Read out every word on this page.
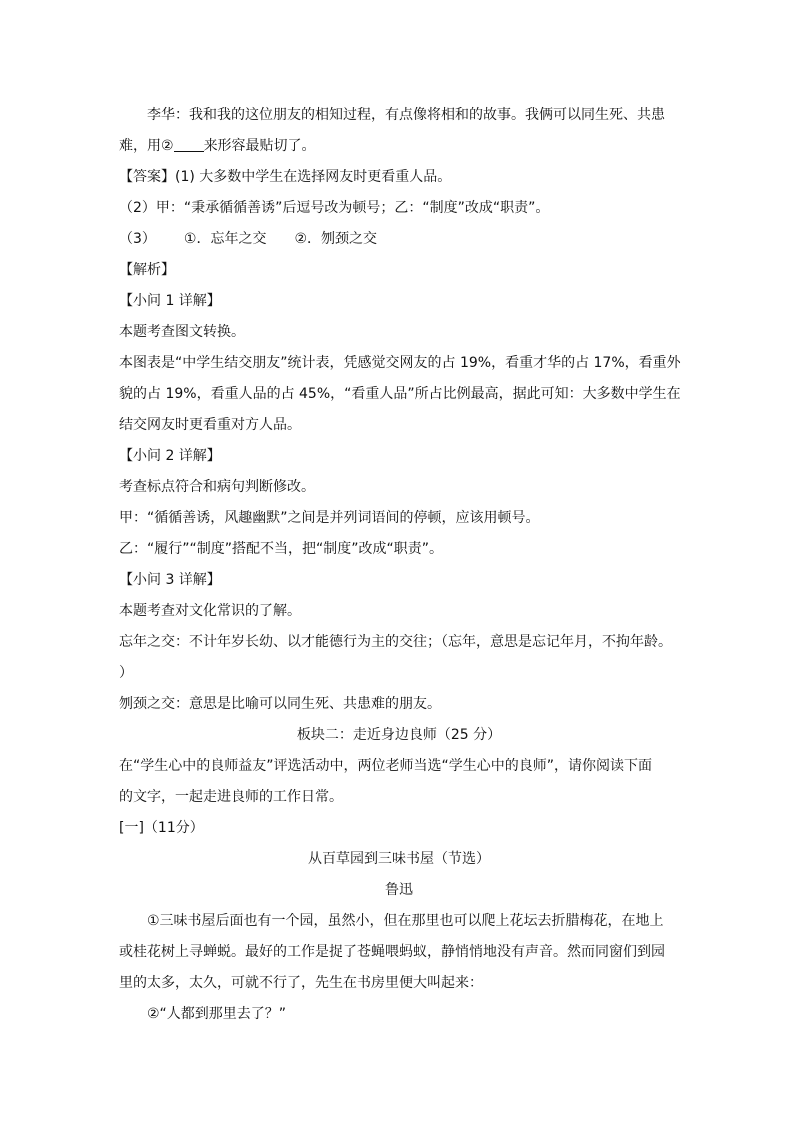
李华：我和我的这位朋友的相知过程，有点像将相和的故事。我俩可以同生死、共患

难，用② 来形容最贴切了。

【答案】(1) 大多数中学生在选择网友时更看重人品。

（2）甲：“秉承循循善诱”后逗号改为顿号；乙：“制度”改成“职责”。

（3） ①．忘年之交 ②．刎颈之交

【解析】

【小问 1 详解】

本题考查图文转换。

本图表是“中学生结交朋友”统计表，凭感觉交网友的占 19%，看重才华的占 17%，看重外

貌的占 19%，看重人品的占 45%，“看重人品”所占比例最高，据此可知：大多数中学生在

结交网友时更看重对方人品。

【小问 2 详解】

考查标点符合和病句判断修改。

甲：“循循善诱，风趣幽默”之间是并列词语间的停顿，应该用顿号。

乙：“履行”“制度”搭配不当，把“制度”改成“职责”。

【小问 3 详解】

本题考查对文化常识的了解。

忘年之交：不计年岁长幼、以才能德行为主的交往；（忘年，意思是忘记年月，不拘年龄。

）

刎颈之交：意思是比喻可以同生死、共患难的朋友。

板块二：走近身边良师（25 分）

在“学生心中的良师益友”评选活动中，两位老师当选“学生心中的良师”，请你阅读下面

的文字，一起走进良师的工作日常。

[一]（11分）

从百草园到三味书屋（节选）

鲁迅

①三味书屋后面也有一个园，虽然小，但在那里也可以爬上花坛去折腊梅花，在地上

或桂花树上寻蝉蜕。最好的工作是捉了苍蝇喂蚂蚁，静悄悄地没有声音。然而同窗们到园

里的太多，太久，可就不行了，先生在书房里便大叫起来：

②“人都到那里去了？”
